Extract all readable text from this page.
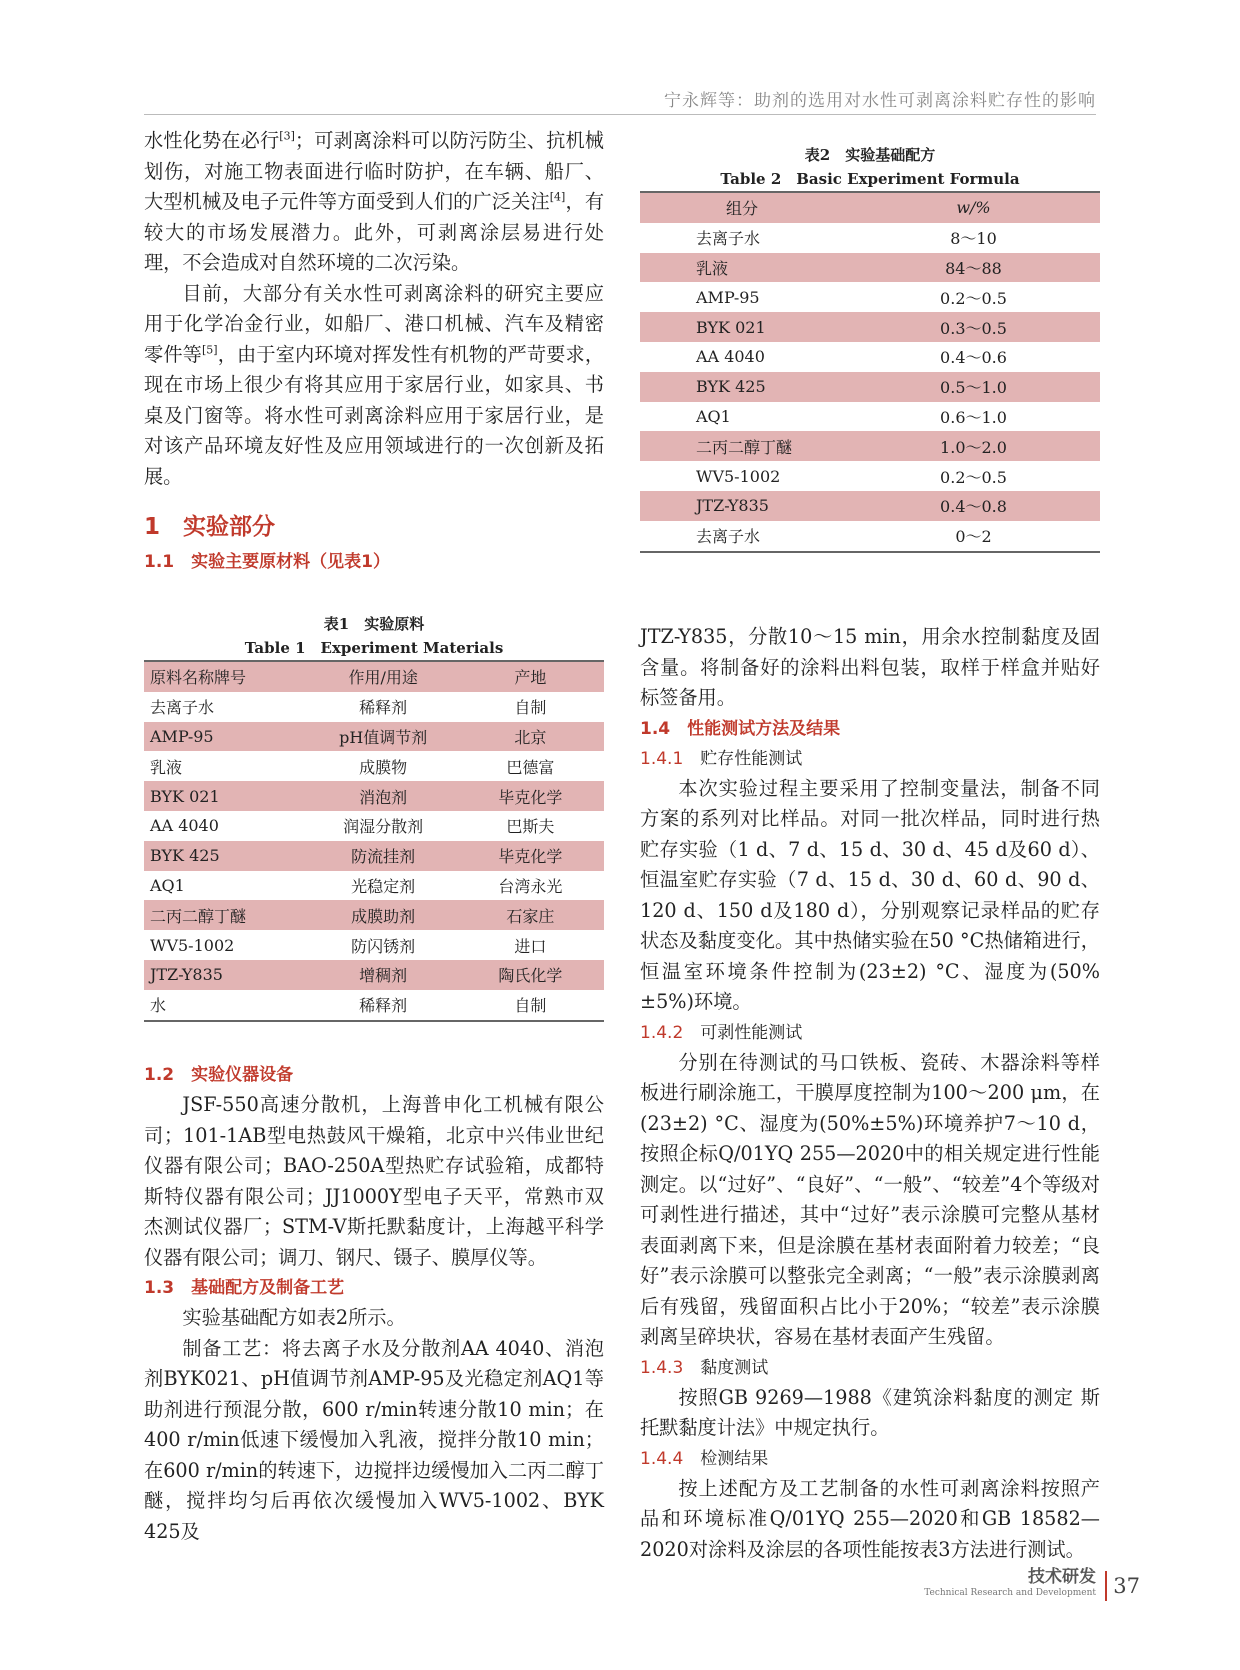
宁永辉等：助剂的选用对水性可剥离涂料贮存性的影响

水性化势在必行[3]；可剥离涂料可以防污防尘、抗机械划伤，对施工物表面进行临时防护，在车辆、船厂、大型机械及电子元件等方面受到人们的广泛关注[4]，有较大的市场发展潜力。此外，可剥离涂层易进行处理，不会造成对自然环境的二次污染。

目前，大部分有关水性可剥离涂料的研究主要应用于化学冶金行业，如船厂、港口机械、汽车及精密零件等[5]，由于室内环境对挥发性有机物的严苛要求，现在市场上很少有将其应用于家居行业，如家具、书桌及门窗等。将水性可剥离涂料应用于家居行业，是对该产品环境友好性及应用领域进行的一次创新及拓展。

1　实验部分

1.1　 实验主要原材料（见表1）

表1　实验原料

Table 1　Experiment Materials

原料名称牌号	作用/用途	产地
去离子水	稀释剂	自制
AMP-95	pH值调节剂	北京
乳液	成膜物	巴德富
BYK 021	消泡剂	毕克化学
AA 4040	润湿分散剂	巴斯夫
BYK 425	防流挂剂	毕克化学
AQ1	光稳定剂	台湾永光
二丙二醇丁醚	成膜助剂	石家庄
WV5-1002	防闪锈剂	进口
JTZ-Y835	增稠剂	陶氏化学
水	稀释剂	自制

1.2　 实验仪器设备

JSF-550高速分散机，上海普申化工机械有限公司；101-1AB型电热鼓风干燥箱，北京中兴伟业世纪仪器有限公司；BAO-250A型热贮存试验箱，成都特斯特仪器有限公司；JJ1000Y型电子天平，常熟市双杰测试仪器厂；STM-V斯托默黏度计，上海越平科学仪器有限公司；调刀、钢尺、镊子、膜厚仪等。

1.3　 基础配方及制备工艺

实验基础配方如表2所示。

制备工艺：将去离子水及分散剂AA 4040、消泡剂BYK021、pH值调节剂AMP-95及光稳定剂AQ1等助剂进行预混分散，600 r/min转速分散10 min；在400 r/min低速下缓慢加入乳液，搅拌分散10 min；在600 r/min的转速下，边搅拌边缓慢加入二丙二醇丁醚，搅拌均匀后再依次缓慢加入WV5-1002、BYK 425及

表2　实验基础配方

Table 2　Basic Experiment Formula

组分	w/%
去离子水	8～10
乳液	84～88
AMP-95	0.2～0.5
BYK 021	0.3～0.5
AA 4040	0.4～0.6
BYK 425	0.5～1.0
AQ1	0.6～1.0
二丙二醇丁醚	1.0～2.0
WV5-1002	0.2～0.5
JTZ-Y835	0.4～0.8
去离子水	0～2

JTZ-Y835，分散10～15 min，用余水控制黏度及固含量。将制备好的涂料出料包装，取样于样盒并贴好标签备用。

1.4　 性能测试方法及结果

1.4.1　 贮存性能测试

本次实验过程主要采用了控制变量法，制备不同方案的系列对比样品。对同一批次样品，同时进行热贮存实验（1 d、7 d、15 d、30 d、45 d及60 d）、恒温室贮存实验（7 d、15 d、30 d、60 d、90 d、120 d、150 d及180 d），分别观察记录样品的贮存状态及黏度变化。其中热储实验在50 °C热储箱进行，恒温室环境条件控制为(23±2) °C、湿度为(50%±5%)环境。

1.4.2　 可剥性能测试

分别在待测试的马口铁板、瓷砖、木器涂料等样板进行刷涂施工，干膜厚度控制为100～200 μm，在(23±2) °C、湿度为(50%±5%)环境养护7～10 d，按照企标Q/01YQ 255—2020中的相关规定进行性能测定。以“过好”、“良好”、“一般”、“较差”4个等级对可剥性进行描述，其中“过好”表示涂膜可完整从基材表面剥离下来，但是涂膜在基材表面附着力较差；“良好”表示涂膜可以整张完全剥离；“一般”表示涂膜剥离后有残留，残留面积占比小于20%；“较差”表示涂膜剥离呈碎块状，容易在基材表面产生残留。

1.4.3　 黏度测试

按照GB 9269—1988《建筑涂料黏度的测定 斯托默黏度计法》中规定执行。

1.4.4　 检测结果

按上述配方及工艺制备的水性可剥离涂料按照产品和环境标准Q/01YQ 255—2020和GB 18582—2020对涂料及涂层的各项性能按表3方法进行测试。

技术研发
Technical Research and Development 37
